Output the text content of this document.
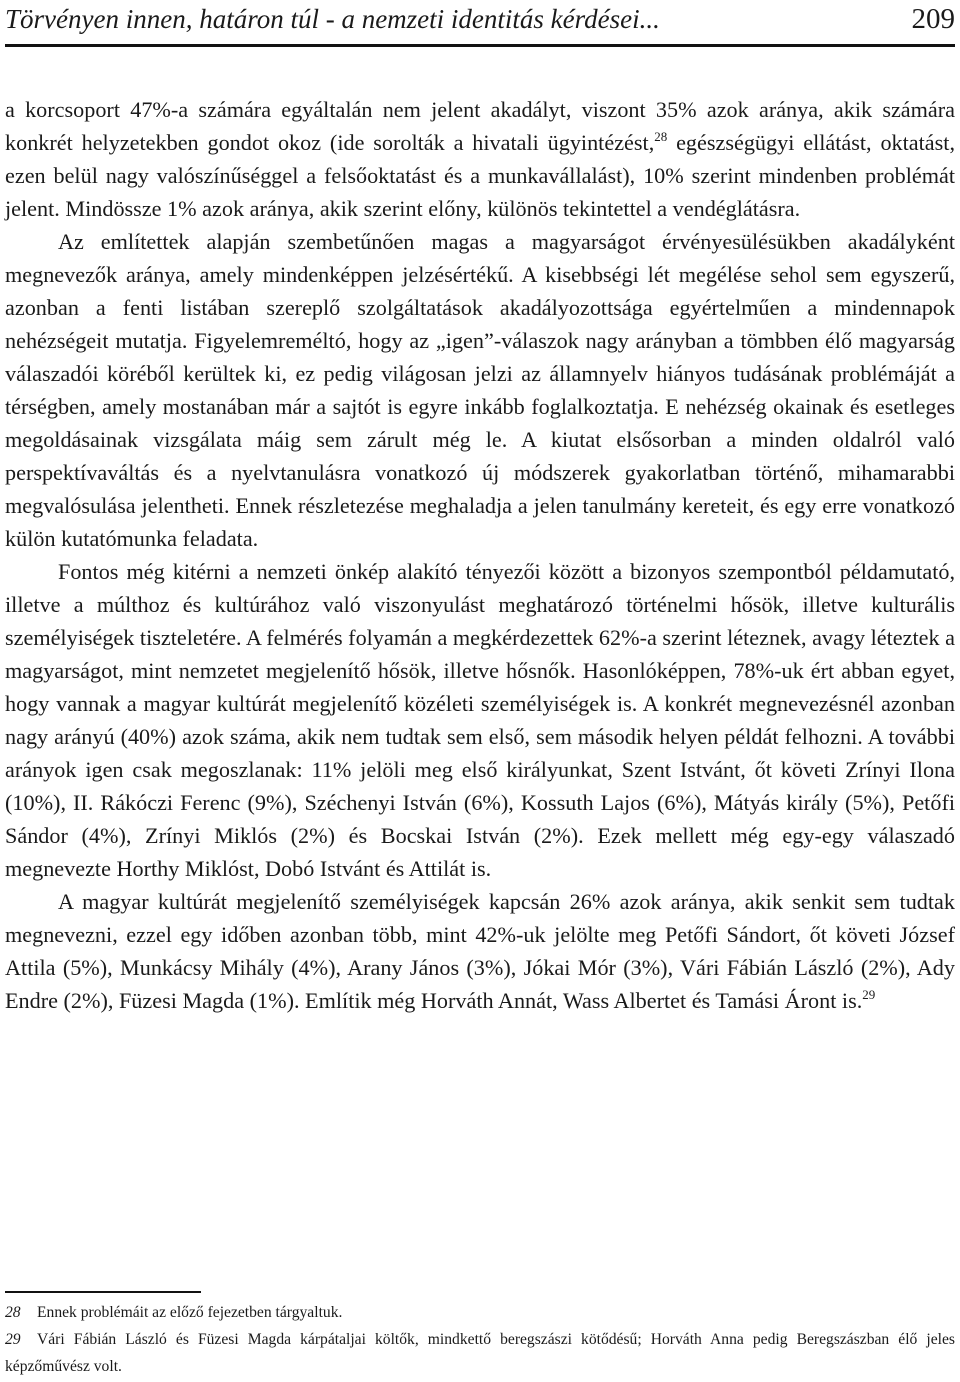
Törvényen innen, határon túl - a nemzeti identitás kérdései...	209

a korcsoport 47%-a számára egyáltalán nem jelent akadályt, viszont 35% azok aránya, akik számára konkrét helyzetekben gondot okoz (ide sorolták a hivatali ügyintézést,$^{28}$ egészségügyi ellátást, oktatást, ezen belül nagy valószínűséggel a felsőoktatást és a munkavállalást), 10% szerint mindenben problémát jelent. Mindössze 1% azok aránya, akik szerint előny, különös tekintettel a vendéglátásra.

Az említettek alapján szembetűnően magas a magyarságot érvényesülésükben akadályként megnevezők aránya, amely mindenképpen jelzésértékű. A kisebbségi lét megélése sehol sem egyszerű, azonban a fenti listában szereplő szolgáltatások akadályozottsága egyértelműen a mindennapok nehézségeit mutatja. Figyelemreméltó, hogy az „igen”-válaszok nagy arányban a tömbben élő magyarság válaszadói köréből kerültek ki, ez pedig világosan jelzi az államnyelv hiányos tudásának problémáját a térségben, amely mostanában már a sajtót is egyre inkább foglalkoztatja. E nehézség okainak és esetleges megoldásainak vizsgálata máig sem zárult még le. A kiutat elsősorban a minden oldalról való perspektívaváltás és a nyelvtanulásra vonatkozó új módszerek gyakorlatban történő, mihamarabbi megvalósulása jelentheti. Ennek részletezése meghaladja a jelen tanulmány kereteit, és egy erre vonatkozó külön kutatómunka feladata.

Fontos még kitérni a nemzeti önkép alakító tényezői között a bizonyos szempontból példamutató, illetve a múlthoz és kultúrához való viszonyulást meghatározó történelmi hősök, illetve kulturális személyiségek tiszteletére. A felmérés folyamán a megkérdezettek 62%-a szerint léteznek, avagy léteztek a magyarságot, mint nemzetet megjelenítő hősök, illetve hősnők. Hasonlóképpen, 78%-uk ért abban egyet, hogy vannak a magyar kultúrát megjelenítő közéleti személyiségek is. A konkrét megnevezésnél azonban nagy arányú (40%) azok száma, akik nem tudtak sem első, sem második helyen példát felhozni. A további arányok igen csak megoszlanak: 11% jelöli meg első királyunkat, Szent Istvánt, őt követi Zrínyi Ilona (10%), II. Rákóczi Ferenc (9%), Széchenyi István (6%), Kossuth Lajos (6%), Mátyás király (5%), Petőfi Sándor (4%), Zrínyi Miklós (2%) és Bocskai István (2%). Ezek mellett még egy-egy válaszadó megnevezte Horthy Miklóst, Dobó Istvánt és Attilát is.

A magyar kultúrát megjelenítő személyiségek kapcsán 26% azok aránya, akik senkit sem tudtak megnevezni, ezzel egy időben azonban több, mint 42%-uk jelölte meg Petőfi Sándort, őt követi József Attila (5%), Munkácsy Mihály (4%), Arany János (3%), Jókai Mór (3%), Vári Fábián László (2%), Ady Endre (2%), Füzesi Magda (1%). Említik még Horváth Annát, Wass Albertet és Tamási Áront is.$^{29}$

28 Ennek problémáit az előző fejezetben tárgyaltuk.
29 Vári Fábián László és Füzesi Magda kárpátaljai költők, mindkettő beregszászi kötődésű; Horváth Anna pedig Beregszászban élő jeles képzőművész volt.
